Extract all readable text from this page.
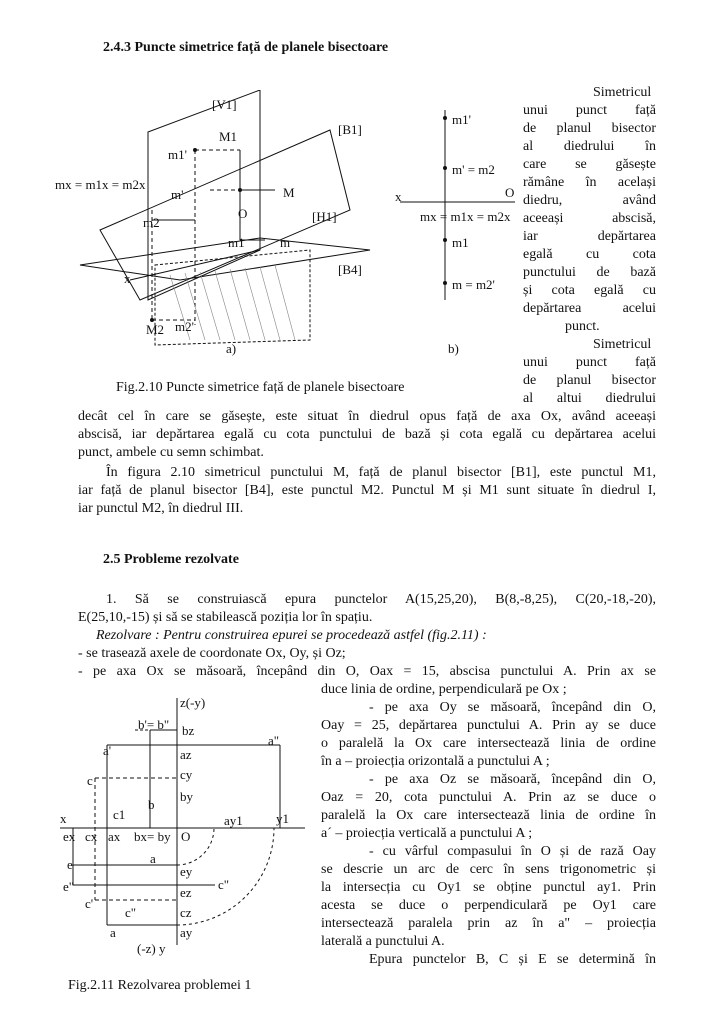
2.4.3 Puncte simetrice față de planele bisectoare
[V1]
[B1]
M1
m1'
m'	M
mx = m1x = m2x
O	[H1]
m2
m1	m
[B4]
x
M2 m2'
a)
m1'
m' = m2
x	O
mx = m1x = m2x
m1
m = m2'
b)
Fig.2.10 Puncte simetrice față de planele bisectoare
Simetricul
unui punct față
de planul bisector
al diedrului în
care se găsește
rămâne în același
diedru, având
aceeași abscisă,
iar depărtarea
egală cu cota
punctului de bază
și cota egală cu
depărtarea acelui
punct.
Simetricul
unui punct față
de planul bisector
al altui diedrului
decât cel în care se găsește, este situat în diedrul opus față de axa Ox, având aceeași
abscisă, iar depărtarea egală cu cota punctului de bază și cota egală cu depărtarea acelui
punct, ambele cu semn schimbat.
În figura 2.10 simetricul punctului M, față de planul bisector [B1], este punctul M1,
iar față de planul bisector [B4], este punctul M2. Punctul M și M1 sunt situate în diedrul I,
iar punctul M2, în diedrul III.
2.5 Probleme rezolvate
1. Să se construiască epura punctelor A(15,25,20), B(8,-8,25), C(20,-18,-20),
E(25,10,-15) și să se stabilească poziția lor în spațiu.
Rezolvare : Pentru construirea epurei se procedează astfel (fig.2.11) :
- se trasează axele de coordonate Ox, Oy, și Oz;
- pe axa Ox se măsoară, începând din O, Oax = 15, abscisa punctului A. Prin ax se
duce linia de ordine, perpendiculară pe Ox ;
- pe axa Oy se măsoară, începând din O,
Oay = 25, depărtarea punctului A. Prin ay se duce
o paralelă la Ox care intersectează linia de ordine
în a – proiecția orizontală a punctului A ;
- pe axa Oz se măsoară, începând din O,
Oaz = 20, cota punctului A. Prin az se duce o
paralelă la Ox care intersectează linia de ordine în
a´ – proiecția verticală a punctului A ;
- cu vârful compasului în O și de rază Oay
se descrie un arc de cerc în sens trigonometric și
la intersecția cu Oy1 se obține punctul ay1. Prin
acesta se duce o perpendiculară pe Oy1 care
intersectează paralela prin az în a" – proiecția
laterală a punctului A.
Epura punctelor B, C și E se determină în
z(-y)
b'= b" bz
a'
a"
az
c	cy
by
b
c1
x	ay1	y1
ex cx ax bx= by O
a
e	ey
e"	c"
ez
c'
c"	cz
a	ay
(-z) y
Fig.2.11 Rezolvarea problemei 1
